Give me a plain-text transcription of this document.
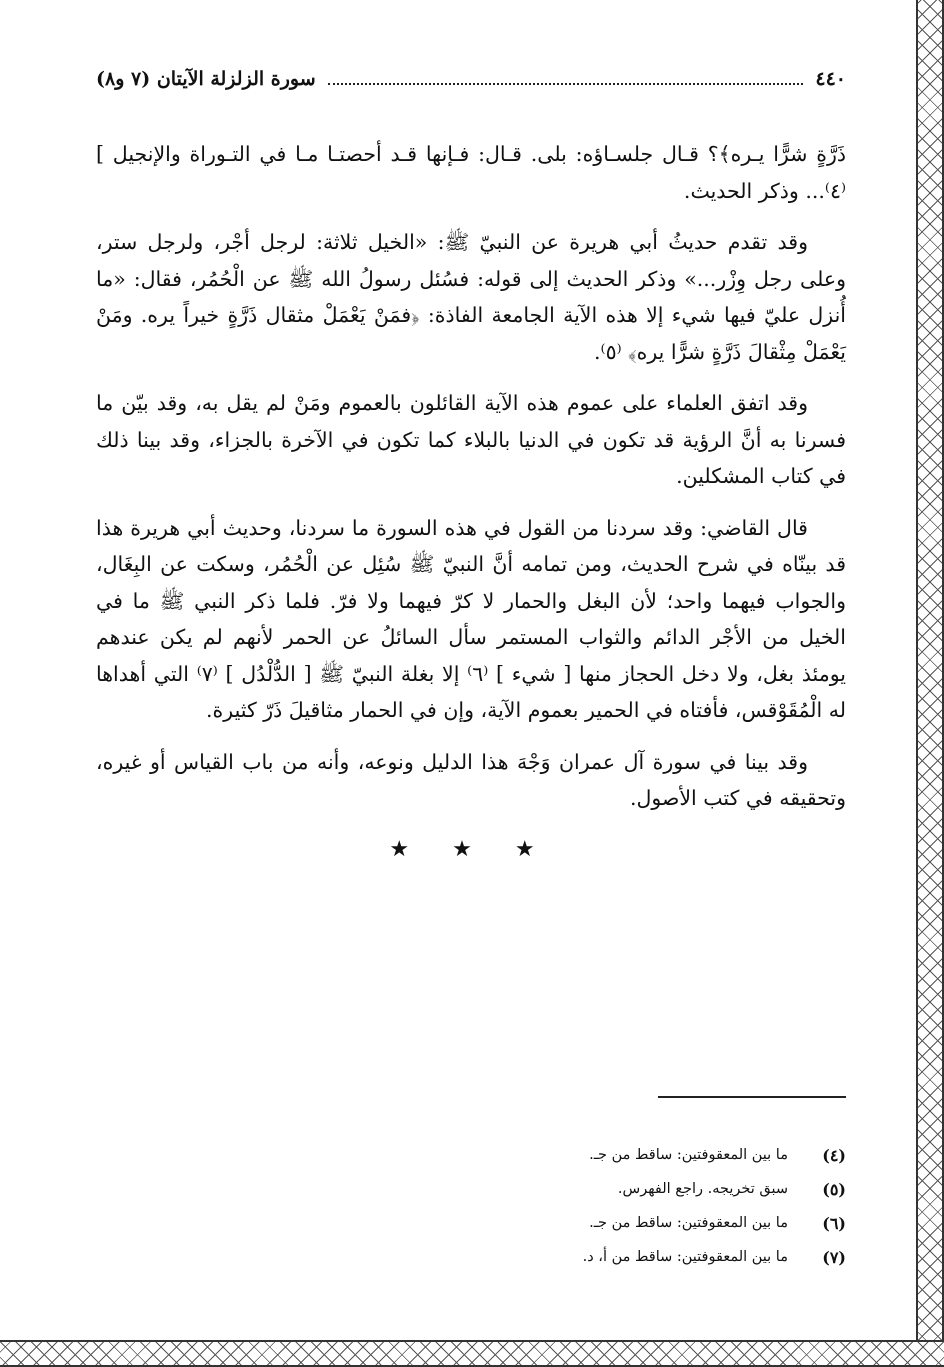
٤٤٠
سورة الزلزلة الآيتان (٧ و٨)

ذَرَّةٍ شرًّا يـره﴾؟ قـال جلسـاؤه: بلى. قـال: فـإنها قـد أحصتـا مـا في التـوراة والإنجيل ] ⁽٤⁾... وذكر الحديث.

وقد تقدم حديثُ أبي هريرة عن النبيّ ﷺ: «الخيل ثلاثة: لرجل أجْر، ولرجل ستر، وعلى رجل وِزْر...» وذكر الحديث إلى قوله: فسُئل رسولُ الله ﷺ عن الْحُمُر، فقال: «ما أُنزل عليّ فيها شيء إلا هذه الآية الجامعة الفاذة: ﴿فمَنْ يَعْمَلْ مثقال ذَرَّةٍ خيراً يره. ومَنْ يَعْمَلْ مِثْقالَ ذَرَّةٍ شرًّا يره﴾ ⁽٥⁾.

وقد اتفق العلماء على عموم هذه الآية القائلون بالعموم ومَنْ لم يقل به، وقد بيّن ما فسرنا به أنَّ الرؤية قد تكون في الدنيا بالبلاء كما تكون في الآخرة بالجزاء، وقد بينا ذلك في كتاب المشكلين.

قال القاضي: وقد سردنا من القول في هذه السورة ما سردنا، وحديث أبي هريرة هذا قد بينّاه في شرح الحديث، ومن تمامه أنَّ النبيّ ﷺ سُئِل عن الْحُمُر، وسكت عن البِغَال، والجواب فيهما واحد؛ لأن البغل والحمار لا كرّ فيهما ولا فرّ. فلما ذكر النبي ﷺ ما في الخيل من الأجْر الدائم والثواب المستمر سأل السائلُ عن الحمر لأنهم لم يكن عندهم يومئذ بغل، ولا دخل الحجاز منها [ شيء ] ⁽٦⁾ إلا بغلة النبيّ ﷺ [ الدُّلْدُل ] ⁽٧⁾ التي أهداها له الْمُقَوْقس، فأفتاه في الحمير بعموم الآية، وإن في الحمار مثاقيلَ ذَرّ كثيرة.

وقد بينا في سورة آل عمران وَجْهَ هذا الدليل ونوعه، وأنه من باب القياس أو غيره، وتحقيقه في كتب الأصول.

★ ★ ★
(٤)
ما بين المعقوفتين: ساقط من جـ.
(٥)
سبق تخريجه. راجع الفهرس.
(٦)
ما بين المعقوفتين: ساقط من جـ.
(٧)
ما بين المعقوفتين: ساقط من أ، د.
